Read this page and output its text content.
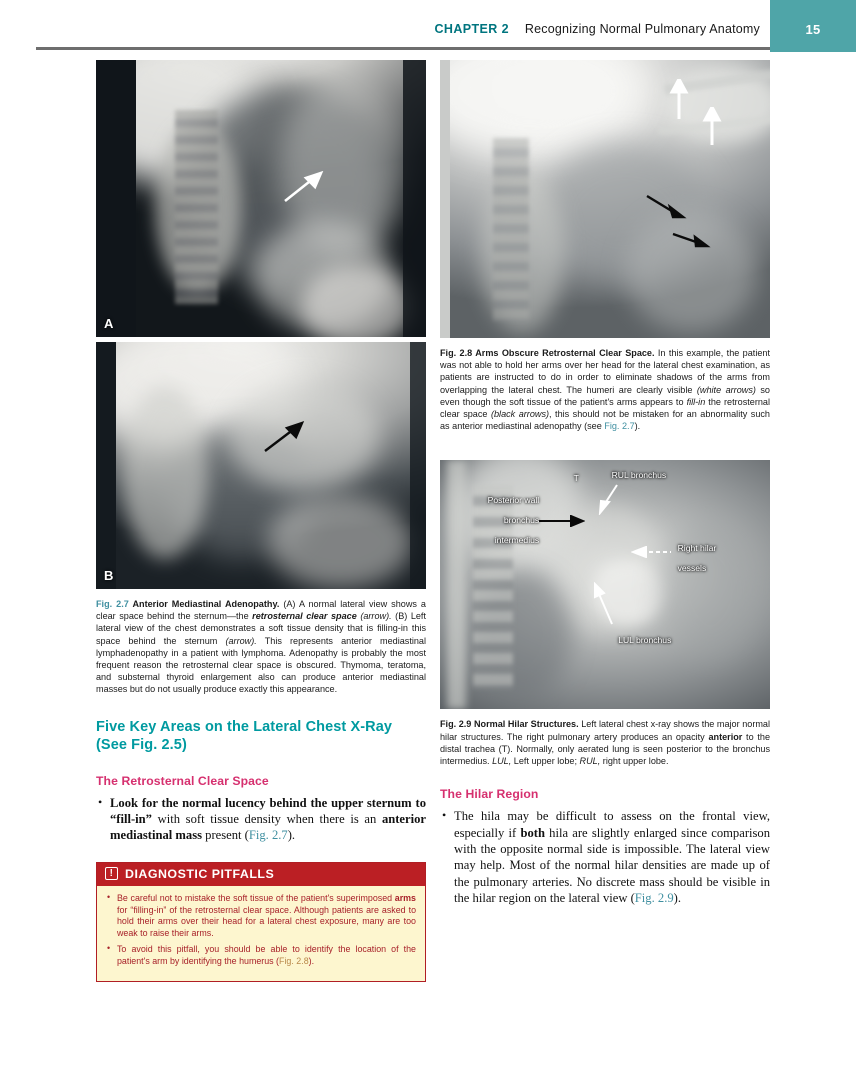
15
CHAPTER 2 Recognizing Normal Pulmonary Anatomy
A
B
Fig. 2.7 Anterior Mediastinal Adenopathy. (A) A normal lateral view shows a clear space behind the sternum—the retrosternal clear space (arrow). (B) Left lateral view of the chest demonstrates a soft tissue density that is filling-in this space behind the sternum (arrow). This represents anterior mediastinal lymphadenopathy in a patient with lymphoma. Adenopathy is probably the most frequent reason the retrosternal clear space is obscured. Thymoma, teratoma, and substernal thyroid enlargement also can produce anterior mediastinal masses but do not usually produce exactly this appearance.
Five Key Areas on the Lateral Chest X-Ray (See Fig. 2.5)
The Retrosternal Clear Space
• Look for the normal lucency behind the upper sternum to “fill-in” with soft tissue density when there is an anterior mediastinal mass present (Fig. 2.7).
! DIAGNOSTIC PITFALLS
• Be careful not to mistake the soft tissue of the patient's superimposed arms for “filling-in” of the retrosternal clear space. Although patients are asked to hold their arms over their head for a lateral chest exposure, many are too weak to raise their arms.
• To avoid this pitfall, you should be able to identify the location of the patient's arm by identifying the humerus (Fig. 2.8).
Fig. 2.8 Arms Obscure Retrosternal Clear Space. In this example, the patient was not able to hold her arms over her head for the lateral chest examination, as patients are instructed to do in order to eliminate shadows of the arms from overlapping the lateral chest. The humeri are clearly visible (white arrows) so even though the soft tissue of the patient's arms appears to fill-in the retrosternal clear space (black arrows), this should not be mistaken for an abnormality such as anterior mediastinal adenopathy (see Fig. 2.7).
T	RUL bronchus
Posterior wall
bronchus
intermedius
Right hilar
vessels
LUL bronchus
Fig. 2.9 Normal Hilar Structures. Left lateral chest x-ray shows the major normal hilar structures. The right pulmonary artery produces an opacity anterior to the distal trachea (T). Normally, only aerated lung is seen posterior to the bronchus intermedius. LUL, Left upper lobe; RUL, right upper lobe.
The Hilar Region
• The hila may be difficult to assess on the frontal view, especially if both hila are slightly enlarged since comparison with the opposite normal side is impossible. The lateral view may help. Most of the normal hilar densities are made up of the pulmonary arteries. No discrete mass should be visible in the hilar region on the lateral view (Fig. 2.9).
